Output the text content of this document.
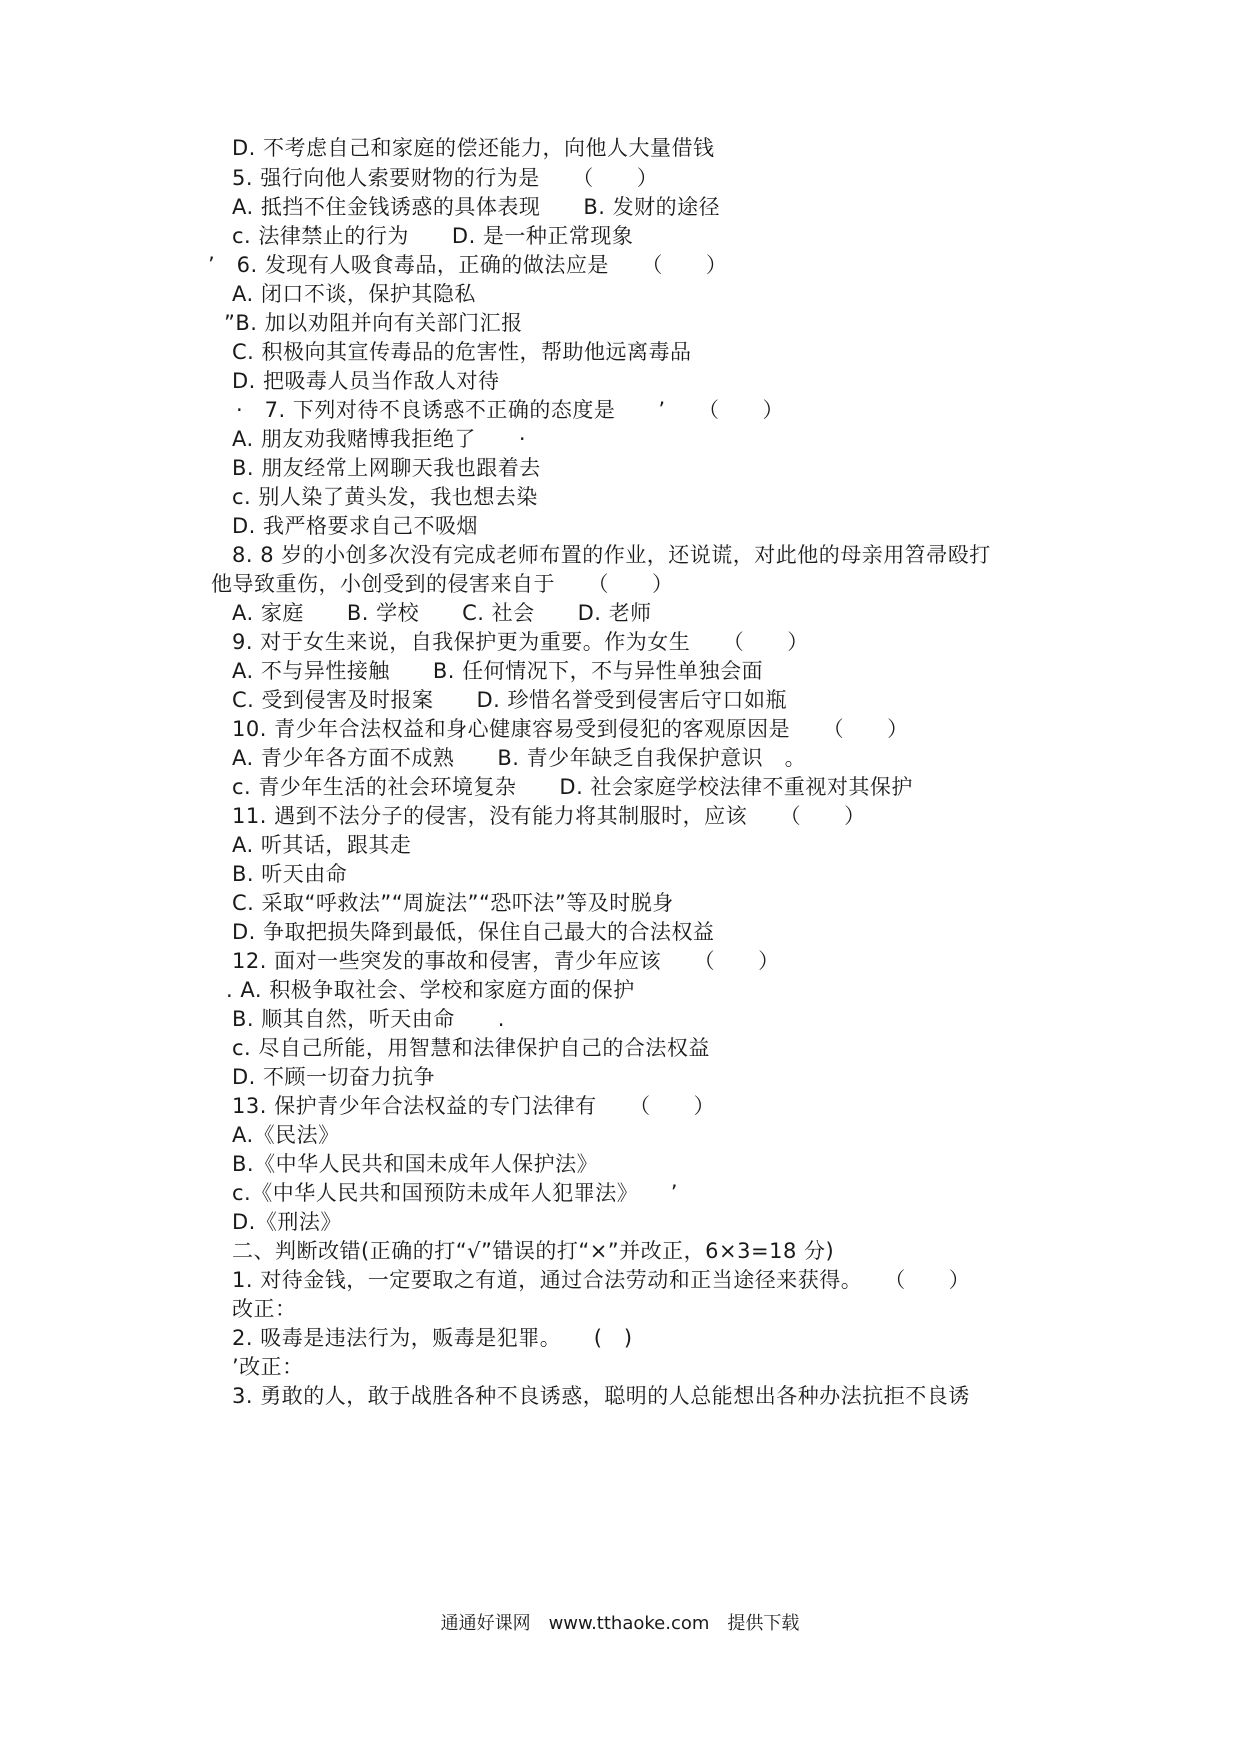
D. 不考虑自己和家庭的偿还能力，向他人大量借钱
5. 强行向他人索要财物的行为是　　（　　）
A. 抵挡不住金钱诱惑的具体表现　　B. 发财的途径
c. 法律禁止的行为　　D. 是一种正常现象
’　6. 发现有人吸食毒品，正确的做法应是　　（　　）
A. 闭口不谈，保护其隐私
”B. 加以劝阻并向有关部门汇报
C. 积极向其宣传毒品的危害性，帮助他远离毒品
D. 把吸毒人员当作敌人对待
·　7. 下列对待不良诱惑不正确的态度是　　’　　（　　）
A. 朋友劝我赌博我拒绝了　　·
B. 朋友经常上网聊天我也跟着去
c. 别人染了黄头发，我也想去染
D. 我严格要求自己不吸烟
8. 8 岁的小创多次没有完成老师布置的作业，还说谎，对此他的母亲用笤帚殴打
他导致重伤，小创受到的侵害来自于　　（　　）
A. 家庭　　B. 学校　　C. 社会　　D. 老师
9. 对于女生来说，自我保护更为重要。作为女生　　（　　）
A. 不与异性接触　　B. 任何情况下，不与异性单独会面
C. 受到侵害及时报案　　D. 珍惜名誉受到侵害后守口如瓶
10. 青少年合法权益和身心健康容易受到侵犯的客观原因是　　（　　）
A. 青少年各方面不成熟　　B. 青少年缺乏自我保护意识　。
c. 青少年生活的社会环境复杂　　D. 社会家庭学校法律不重视对其保护
11. 遇到不法分子的侵害，没有能力将其制服时，应该　　（　　）
A. 听其话，跟其走
B. 听天由命
C. 采取“呼救法”“周旋法”“恐吓法”等及时脱身
D. 争取把损失降到最低，保住自己最大的合法权益
12. 面对一些突发的事故和侵害，青少年应该　　（　　）
. A. 积极争取社会、学校和家庭方面的保护
B. 顺其自然，听天由命　　.
c. 尽自己所能，用智慧和法律保护自己的合法权益
D. 不顾一切奋力抗争
13. 保护青少年合法权益的专门法律有　　（　　）
A.《民法》
B.《中华人民共和国未成年人保护法》
c.《中华人民共和国预防未成年人犯罪法》　　’
D.《刑法》
二、判断改错(正确的打“√”错误的打“×”并改正，6×3=18 分)
1. 对待金钱，一定要取之有道，通过合法劳动和正当途径来获得。　　（　　）
改正：
2. 吸毒是违法行为，贩毒是犯罪。　　(　)
’改正：
3. 勇敢的人，敢于战胜各种不良诱惑，聪明的人总能想出各种办法抗拒不良诱
通通好课网　www.tthaoke.com　提供下载
